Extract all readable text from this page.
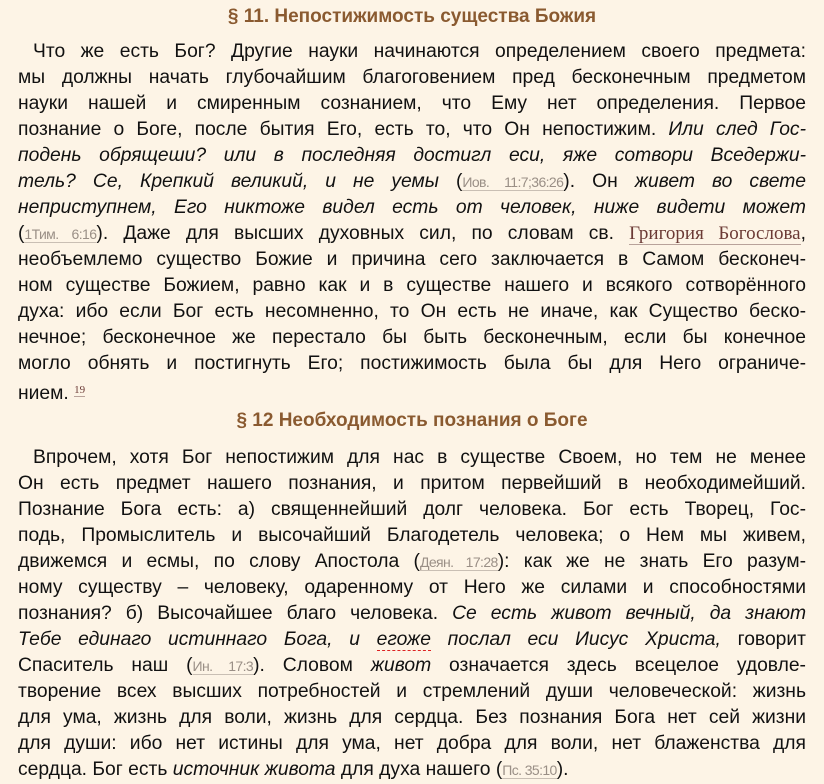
§ 11. Непостижимость существа Божия
Что же есть Бог? Другие науки начинаются определением своего предмета:
мы должны начать глубочайшим благоговением пред бесконечным предметом
науки нашей и смиренным сознанием, что Ему нет определения. Первое
познание о Боге, после бытия Его, есть то, что Он непостижим. Или след Гос-
подень обрящеши? или в последняя достигл еси, яже сотвори Вседержи-
тель? Се, Крепкий великий, и не уемы (Иов. 11:7;36:26). Он живет во свете
неприступнем, Его никтоже видел есть от человек, ниже видети может
(1Тим. 6:16). Даже для высших духовных сил, по словам св. Григория Богослова,
необъемлемо существо Божие и причина сего заключается в Самом бесконеч-
ном существе Божием, равно как и в существе нашего и всякого сотворённого
духа: ибо если Бог есть несомненно, то Он есть не иначе, как Существо беско-
нечное; бесконечное же перестало бы быть бесконечным, если бы конечное
могло обнять и постигнуть Его; постижимость была бы для Него ограниче-
нием. $^{19}$
§ 12 Необходимость познания о Боге
Впрочем, хотя Бог непостижим для нас в существе Своем, но тем не менее
Он есть предмет нашего познания, и притом первейший в необходимейший.
Познание Бога есть: а) священнейший долг человека. Бог есть Творец, Гос-
подь, Промыслитель и высочайший Благодетель человека; о Нем мы живем,
движемся и есмы, по слову Апостола (Деян. 17:28): как же не знать Его разум-
ному существу – человеку, одаренному от Него же силами и способностями
познания? б) Высочайшее благо человека. Се есть живот вечный, да знают
Тебе единаго истиннаго Бога, и егоже послал еси Иисус Христа, говорит
Спаситель наш (Ин. 17:3). Словом живот означается здесь всецелое удовле-
творение всех высших потребностей и стремлений души человеческой: жизнь
для ума, жизнь для воли, жизнь для сердца. Без познания Бога нет сей жизни
для души: ибо нет истины для ума, нет добра для воли, нет блаженства для
сердца. Бог есть источник живота для духа нашего (Пс. 35:10).
